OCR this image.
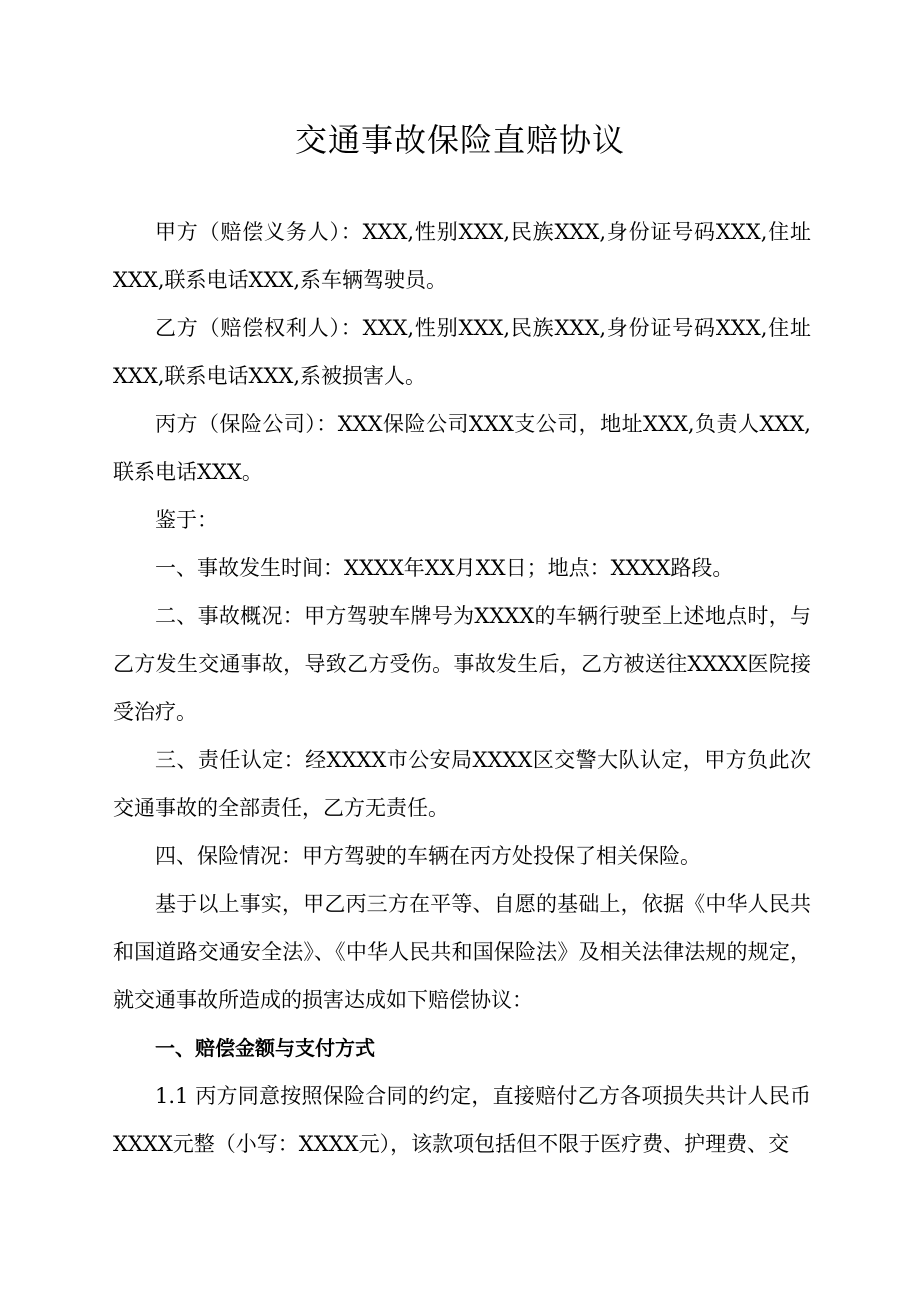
交通事故保险直赔协议

甲方（赔偿义务人）：XXX,性别XXX,民族XXX,身份证号码XXX,住址XXX,联系电话XXX,系车辆驾驶员。

乙方（赔偿权利人）：XXX,性别XXX,民族XXX,身份证号码XXX,住址XXX,联系电话XXX,系被损害人。

丙方（保险公司）：XXX保险公司XXX支公司，地址XXX,负责人XXX,联系电话XXX。

鉴于：

一、事故发生时间：XXXX年XX月XX日；地点：XXXX路段。

二、事故概况：甲方驾驶车牌号为XXXX的车辆行驶至上述地点时，与乙方发生交通事故，导致乙方受伤。事故发生后，乙方被送往XXXX医院接受治疗。

三、责任认定：经XXXX市公安局XXXX区交警大队认定，甲方负此次交通事故的全部责任，乙方无责任。

四、保险情况：甲方驾驶的车辆在丙方处投保了相关保险。

基于以上事实，甲乙丙三方在平等、自愿的基础上，依据《中华人民共和国道路交通安全法》、《中华人民共和国保险法》及相关法律法规的规定，就交通事故所造成的损害达成如下赔偿协议：

一、赔偿金额与支付方式

1.1 丙方同意按照保险合同的约定，直接赔付乙方各项损失共计人民币XXXX元整（小写：XXXX元），该款项包括但不限于医疗费、护理费、交
